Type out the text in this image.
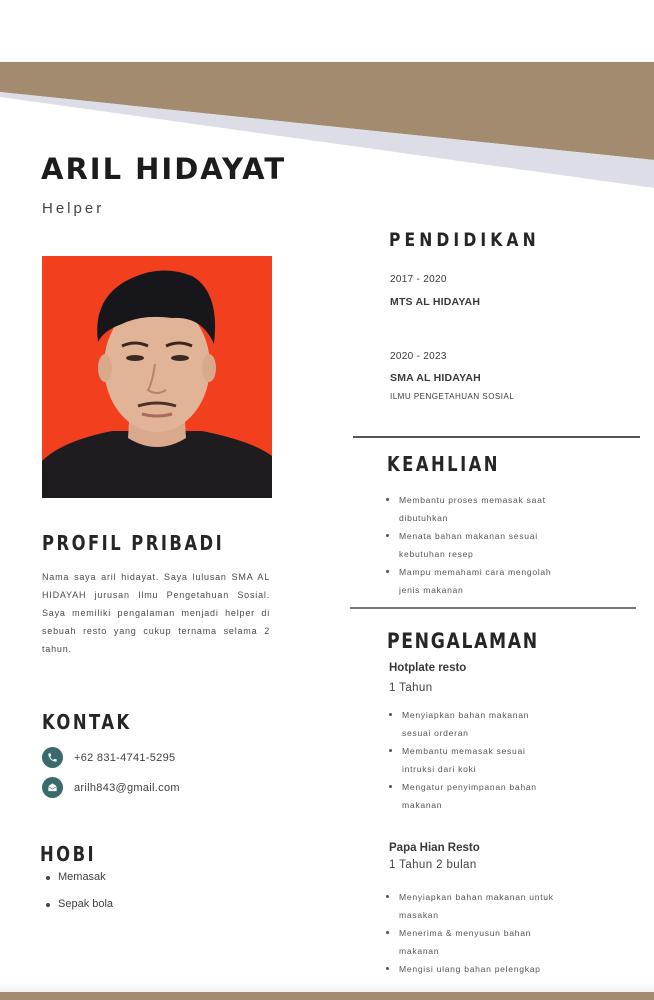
ARIL HIDAYAT
Helper
PROFIL PRIBADI
Nama saya aril hidayat. Saya lulusan SMA AL HIDAYAH jurusan Ilmu Pengetahuan Sosial. Saya memiliki pengalaman menjadi helper di sebuah resto yang cukup ternama selama 2 tahun.
KONTAK
+62 831-4741-5295
arilh843@gmail.com
HOBI
Memasak
Sepak bola
PENDIDIKAN
2017 - 2020
MTS AL HIDAYAH
2020 - 2023
SMA AL HIDAYAH
ILMU PENGETAHUAN SOSIAL
KEAHLIAN
Membantu proses memasak saat
dibutuhkan
Menata bahan makanan sesuai
kebutuhan resep
Mampu memahami cara mengolah
jenis makanan
PENGALAMAN
Hotplate resto
1 Tahun
Menyiapkan bahan makanan
sesuai orderan
Membantu memasak sesuai
intruksi dari koki
Mengatur penyimpanan bahan
makanan
Papa Hian Resto
1 Tahun 2 bulan
Menyiapkan bahan makanan untuk
masakan
Menerima & menyusun bahan
makanan
Mengisi ulang bahan pelengkap
